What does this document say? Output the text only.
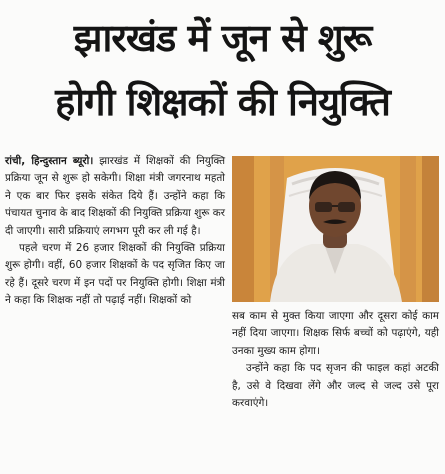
झारखंड में जून से शुरू
होगी शिक्षकों की नियुक्ति

रांची, हिन्दुस्तान ब्यूरो। झारखंड में शिक्षकों की नियुक्ति प्रक्रिया जून से शुरू हो सकेगी। शिक्षा मंत्री जगरनाथ महतो ने एक बार फिर इसके संकेत दिये हैं। उन्होंने कहा कि पंचायत चुनाव के बाद शिक्षकों की नियुक्ति प्रक्रिया शुरू कर दी जाएगी। सारी प्रक्रियाएं लगभग पूरी कर ली गई है।

पहले चरण में 26 हजार शिक्षकों की नियुक्ति प्रक्रिया शुरू होगी। वहीं, 60 हजार शिक्षकों के पद सृजित किए जा रहे हैं। दूसरे चरण में इन पदों पर नियुक्ति होगी। शिक्षा मंत्री ने कहा कि शिक्षक नहीं तो पढ़ाई नहीं। शिक्षकों को

सब काम से मुक्त किया जाएगा और दूसरा कोई काम नहीं दिया जाएगा। शिक्षक सिर्फ बच्चों को पढ़ाएंगे, यही उनका मुख्य काम होगा।

उन्होंने कहा कि पद सृजन की फाइल कहां अटकी है, उसे वे दिखवा लेंगे और जल्द से जल्द उसे पूरा करवाएंगे।
